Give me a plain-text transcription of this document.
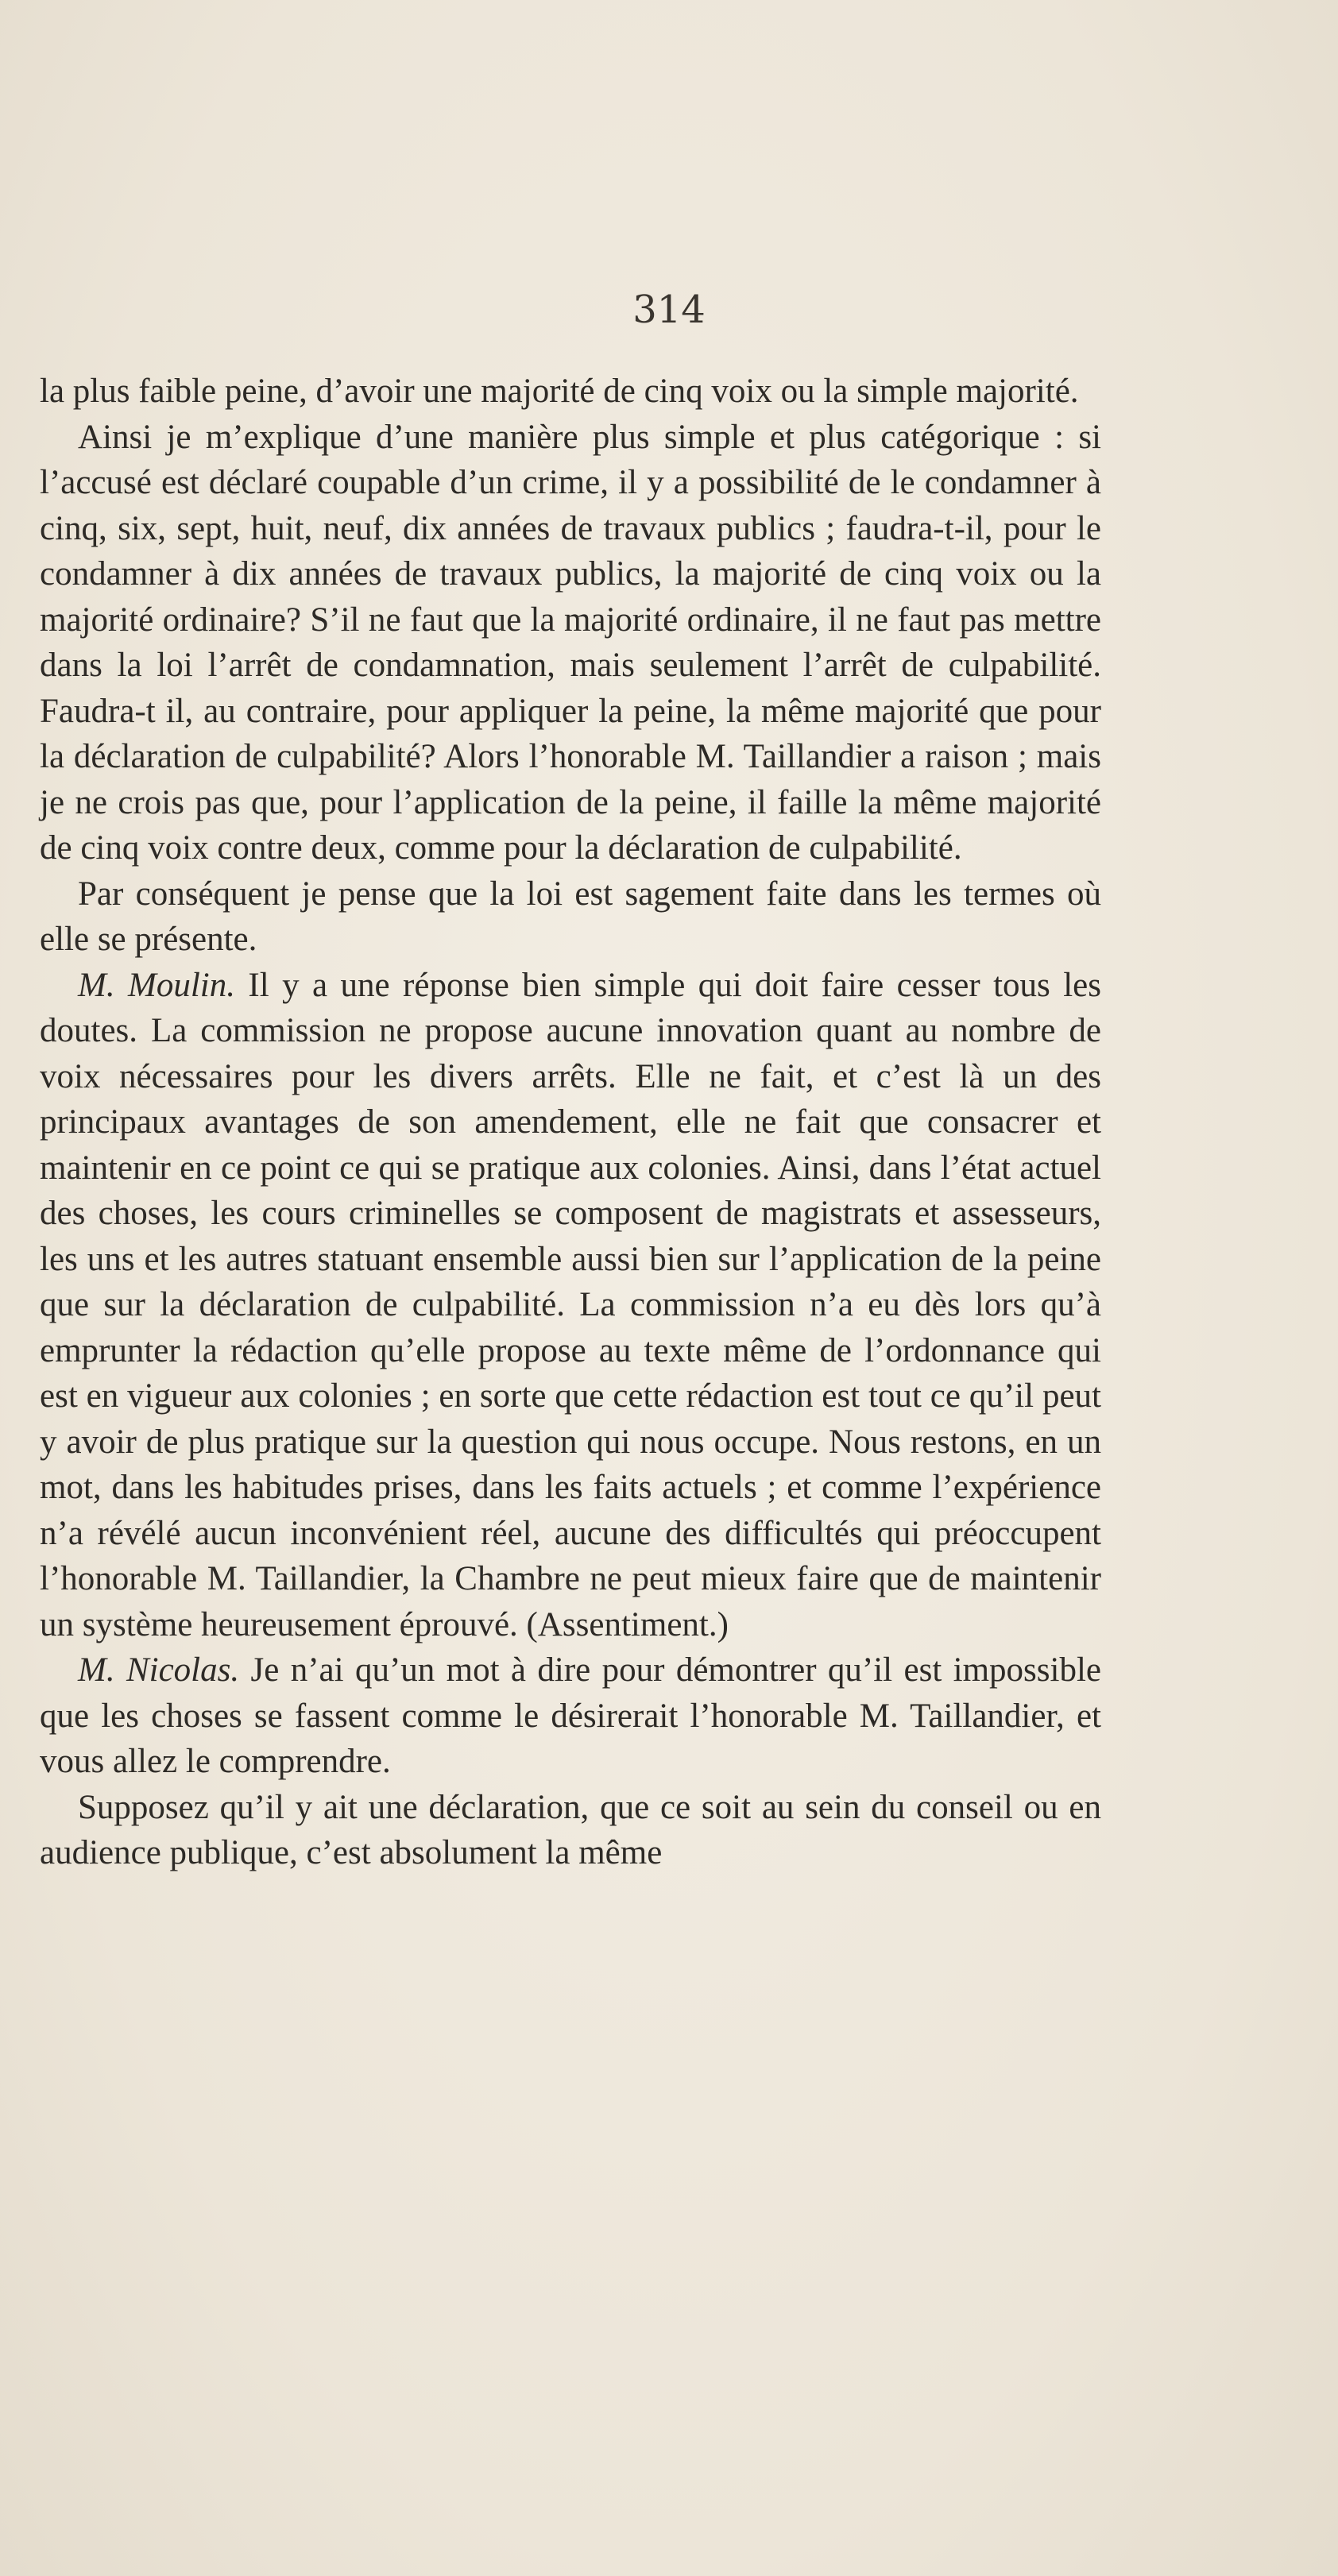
314

la plus faible peine, d’avoir une majorité de cinq voix ou la simple majorité.

Ainsi je m’explique d’une manière plus simple et plus catégorique : si l’accusé est déclaré coupable d’un crime, il y a possibilité de le condamner à cinq, six, sept, huit, neuf, dix années de travaux publics ; faudra-t-il, pour le condamner à dix années de travaux publics, la majorité de cinq voix ou la majorité ordinaire? S’il ne faut que la majorité ordinaire, il ne faut pas mettre dans la loi l’arrêt de condamnation, mais seulement l’arrêt de culpabilité. Faudra-t il, au contraire, pour appliquer la peine, la même majorité que pour la déclaration de culpabilité? Alors l’honorable M. Taillandier a raison ; mais je ne crois pas que, pour l’application de la peine, il faille la même majorité de cinq voix contre deux, comme pour la déclaration de culpabilité.

Par conséquent je pense que la loi est sagement faite dans les termes où elle se présente.

M. Moulin. Il y a une réponse bien simple qui doit faire cesser tous les doutes. La commission ne propose aucune innovation quant au nombre de voix nécessaires pour les divers arrêts. Elle ne fait, et c’est là un des principaux avantages de son amendement, elle ne fait que consacrer et maintenir en ce point ce qui se pratique aux colonies. Ainsi, dans l’état actuel des choses, les cours criminelles se composent de magistrats et assesseurs, les uns et les autres statuant ensemble aussi bien sur l’application de la peine que sur la déclaration de culpabilité. La commission n’a eu dès lors qu’à emprunter la rédaction qu’elle propose au texte même de l’ordonnance qui est en vigueur aux colonies ; en sorte que cette rédaction est tout ce qu’il peut y avoir de plus pratique sur la question qui nous occupe. Nous restons, en un mot, dans les habitudes prises, dans les faits actuels ; et comme l’expérience n’a révélé aucun inconvénient réel, aucune des difficultés qui préoccupent l’honorable M. Taillandier, la Chambre ne peut mieux faire que de maintenir un système heureusement éprouvé. (Assentiment.)

M. Nicolas. Je n’ai qu’un mot à dire pour démontrer qu’il est impossible que les choses se fassent comme le désirerait l’honorable M. Taillandier, et vous allez le comprendre.

Supposez qu’il y ait une déclaration, que ce soit au sein du conseil ou en audience publique, c’est absolument la même
